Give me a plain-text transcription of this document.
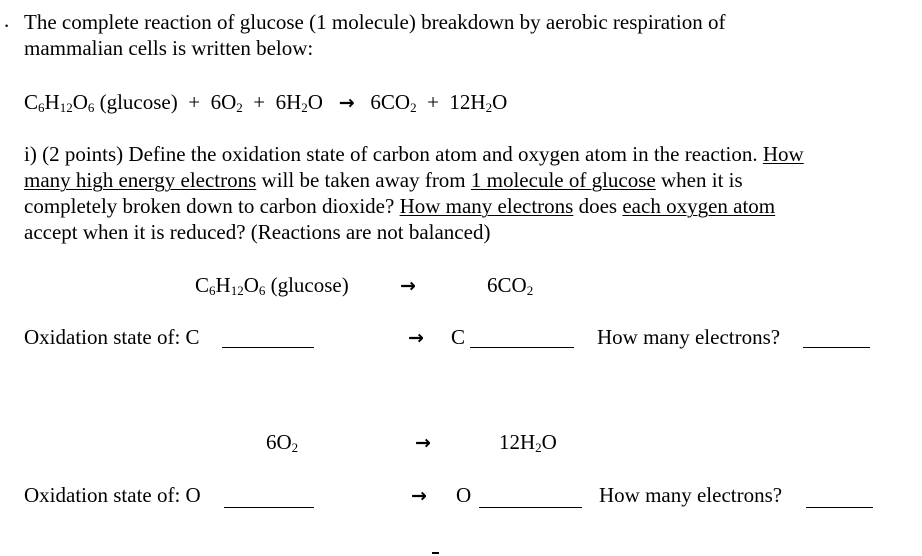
. The complete reaction of glucose (1 molecule) breakdown by aerobic respiration of
mammalian cells is written below:
$C_6H_{12}O_6$ $(glucose) + 6O_2 + 6H_2O \to 6CO_2 + 12H_2O$
i) (2 points) Define the oxidation state of carbon atom and oxygen atom in the reaction. How
many high energy electrons will be taken away from 1 molecule of glucose when it is
completely broken down to carbon dioxide? How many electrons does each oxygen atom
accept when it is reduced? (Reactions are not balanced)
$C_6H_{12}O_6$ (glucose)	→	$6CO_2$
Oxidation state of: C	→ C	How many electrons?
$6O_2$	→	$12H_2O$
Oxidation state of: O	→ O	How many electrons?
